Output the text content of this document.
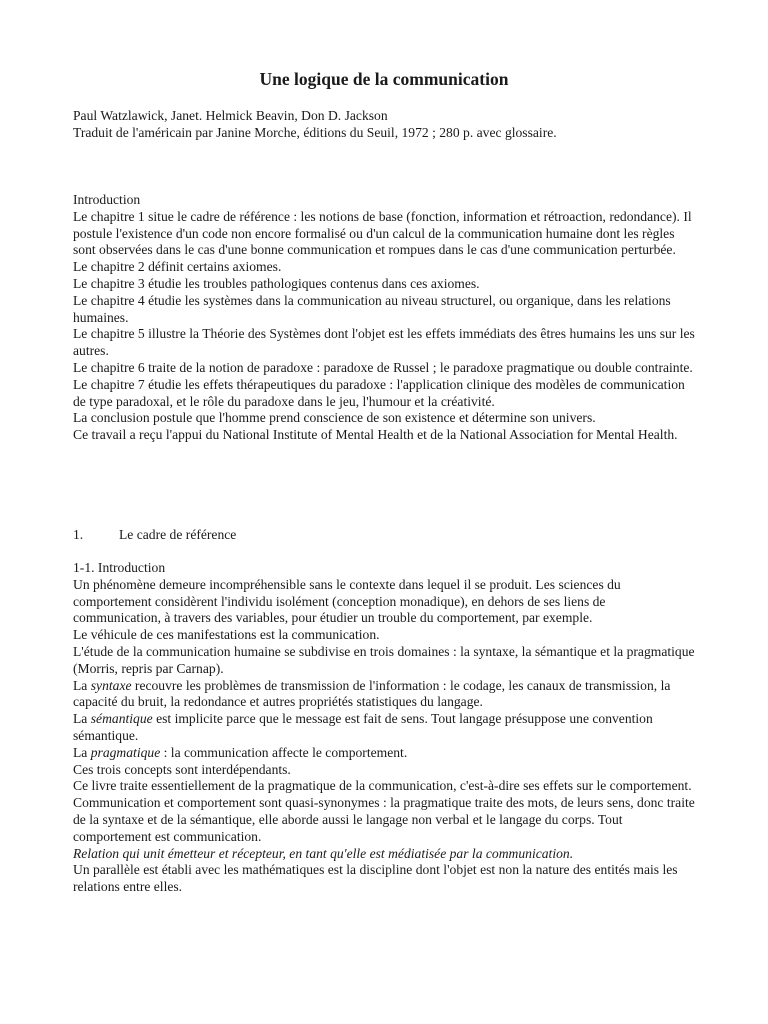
Une logique de la communication
Paul Watzlawick, Janet. Helmick Beavin, Don D. Jackson
Traduit de l'américain par Janine Morche, éditions du Seuil, 1972 ; 280 p. avec glossaire.
Introduction
Le chapitre 1 situe le cadre de référence : les notions de base (fonction, information et rétroaction, redondance). Il postule l'existence d'un code non encore formalisé ou d'un calcul de la communication humaine dont les règles sont observées dans le cas d'une bonne communication et rompues dans le cas d'une communication perturbée.
Le chapitre 2 définit certains axiomes.
Le chapitre 3 étudie les troubles pathologiques contenus dans ces axiomes.
Le chapitre 4 étudie les systèmes dans la communication au niveau structurel, ou organique, dans les relations humaines.
Le chapitre 5 illustre la Théorie des Systèmes dont l'objet est les effets immédiats des êtres humains les uns sur les autres.
Le chapitre 6 traite de la notion de paradoxe : paradoxe de Russel ; le paradoxe pragmatique ou double contrainte.
Le chapitre 7 étudie les effets thérapeutiques du paradoxe : l'application clinique des modèles de communication de type paradoxal, et le rôle du paradoxe dans le jeu, l'humour et la créativité.
La conclusion postule que l'homme prend conscience de son existence et détermine son univers.
Ce travail a reçu l'appui du National Institute of Mental Health et de la National Association for Mental Health.
1.	Le cadre de référence
1-1. Introduction
Un phénomène demeure incompréhensible sans le contexte dans lequel il se produit. Les sciences du comportement considèrent l'individu isolément (conception monadique), en dehors de ses liens de communication, à travers des variables, pour étudier un trouble du comportement, par exemple.
Le véhicule de ces manifestations est la communication.
L'étude de la communication humaine se subdivise en trois domaines : la syntaxe, la sémantique et la pragmatique (Morris, repris par Carnap).
La syntaxe recouvre les problèmes de transmission de l'information : le codage, les canaux de transmission, la capacité du bruit, la redondance et autres propriétés statistiques du langage.
La sémantique est implicite parce que le message est fait de sens. Tout langage présuppose une convention sémantique.
La pragmatique : la communication affecte le comportement.
Ces trois concepts sont interdépendants.
Ce livre traite essentiellement de la pragmatique de la communication, c'est-à-dire ses effets sur le comportement.
Communication et comportement sont quasi-synonymes : la pragmatique traite des mots, de leurs sens, donc traite de la syntaxe et de la sémantique, elle aborde aussi le langage non verbal et le langage du corps. Tout comportement est communication.
Relation qui unit émetteur et récepteur, en tant qu'elle est médiatisée par la communication.
Un parallèle est établi avec les mathématiques est la discipline dont l'objet est non la nature des entités mais les relations entre elles.
